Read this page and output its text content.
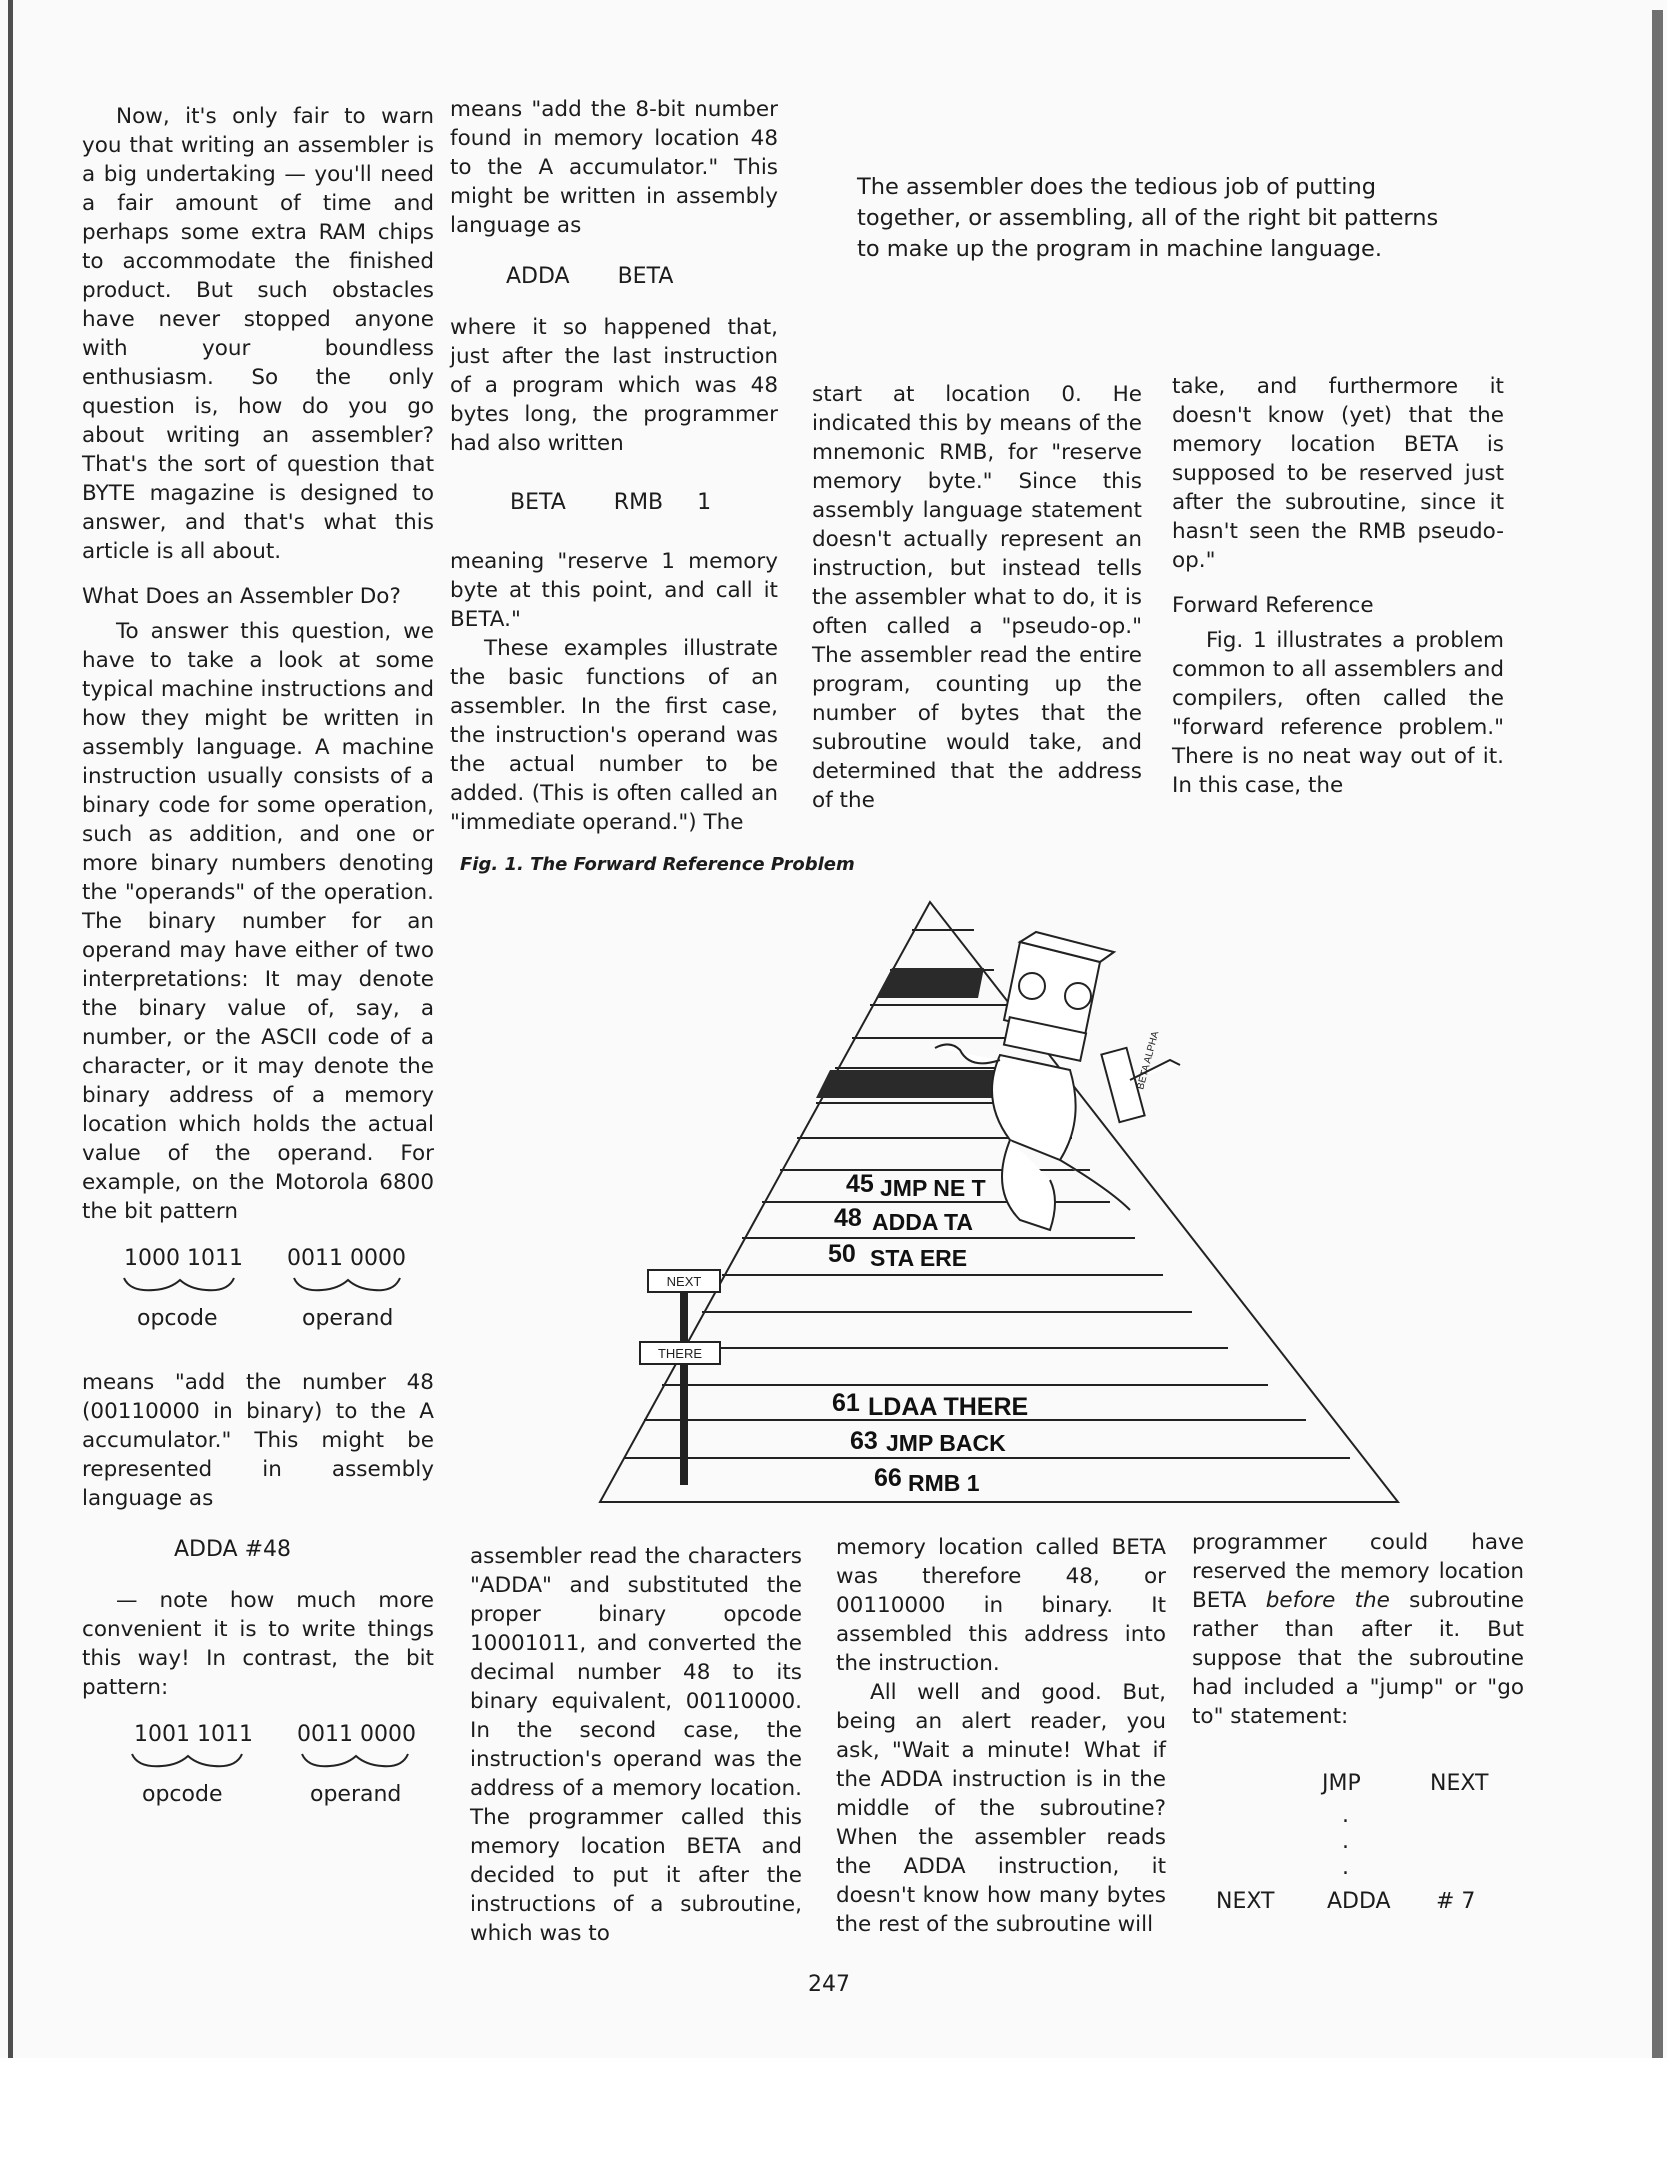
Now, it's only fair to warn you that writing an assembler is a big undertaking — you'll need a fair amount of time and perhaps some extra RAM chips to accommodate the finished product. But such obstacles have never stopped anyone with your boundless enthusiasm. So the only question is, how do you go about writing an assembler? That's the sort of question that BYTE magazine is designed to answer, and that's what this article is all about.

What Does an Assembler Do?

To answer this question, we have to take a look at some typical machine instructions and how they might be written in assembly language. A machine instruction usually consists of a binary code for some operation, such as addition, and one or more binary numbers denoting the "operands" of the operation. The binary number for an operand may have either of two interpretations: It may denote the binary value of, say, a number, or the ASCII code of a character, or it may denote the binary address of a memory location which holds the actual value of the operand. For example, on the Motorola 6800 the bit pattern

1000 1011 0011 0000
opcode	operand

means "add the number 48 (00110000 in binary) to the A accumulator." This might be represented in assembly language as

ADDA #48

— note how much more convenient it is to write things this way! In contrast, the bit pattern:

1001 1011 0011 0000
opcode	operand

means "add the 8-bit number found in memory location 48 to the A accumulator." This might be written in assembly language as

ADDA BETA

where it so happened that, just after the last instruction of a program which was 48 bytes long, the programmer had also written

BETA RMB 1

meaning "reserve 1 memory byte at this point, and call it BETA."

These examples illustrate the basic functions of an assembler. In the first case, the instruction's operand was the actual number to be added. (This is often called an "immediate operand.") The

The assembler does the tedious job of putting together, or assembling, all of the right bit patterns to make up the program in machine language.

start at location 0. He indicated this by means of the mnemonic RMB, for "reserve memory byte." Since this assembly language statement doesn't actually represent an instruction, but instead tells the assembler what to do, it is often called a "pseudo-op." The assembler read the entire program, counting up the number of bytes that the subroutine would take, and determined that the address of the

take, and furthermore it doesn't know (yet) that the memory location BETA is supposed to be reserved just after the subroutine, since it hasn't seen the RMB pseudo-op."

Forward Reference

Fig. 1 illustrates a problem common to all assemblers and compilers, often called the "forward reference problem." There is no neat way out of it. In this case, the

Fig. 1. The Forward Reference Problem
NEXT
THERE
BETA ALPHA
45 JMP NE T
48 ADDA TA
50 STA ERE
61 LDAA THERE
63 JMP BACK
66 RMB 1

assembler read the characters "ADDA" and substituted the proper binary opcode 10001011, and converted the decimal number 48 to its binary equivalent, 00110000. In the second case, the instruction's operand was the address of a memory location. The programmer called this memory location BETA and decided to put it after the instructions of a subroutine, which was to

memory location called BETA was therefore 48, or 00110000 in binary. It assembled this address into the instruction.

All well and good. But, being an alert reader, you ask, "Wait a minute! What if the ADDA instruction is in the middle of the subroutine? When the assembler reads the ADDA instruction, it doesn't know how many bytes the rest of the subroutine will

programmer could have reserved the memory location BETA before the subroutine rather than after it. But suppose that the subroutine had included a "jump" or "go to" statement:

JMP	NEXT
.
.
.
NEXT ADDA # 7
247
